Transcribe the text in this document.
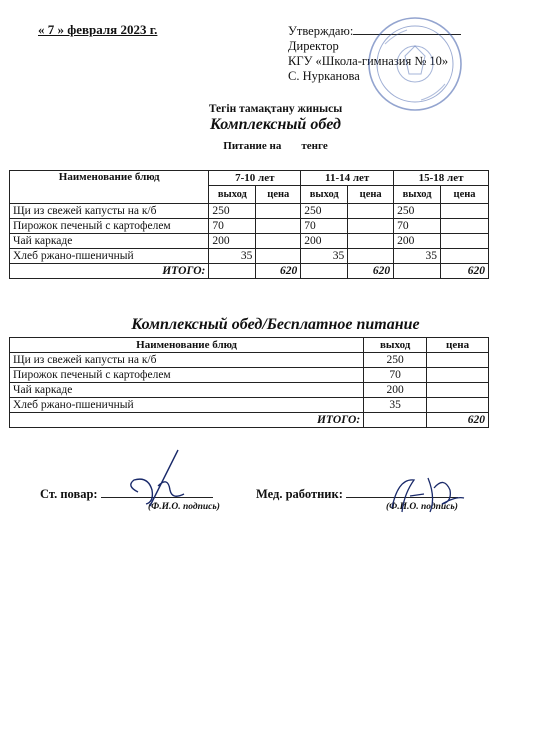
« 7 » февраля 2023 г.	Утверждаю:
Директор
КГУ «Школа-гимназия № 10»
С. Нурканова
Тегін тамақтану жинысы
Комплексный обед
Питание на тенге
Наименование блюд	7-10 лет		11-14 лет		15-18 лет	
	выход	цена	выход	цена	выход	цена
Щи из свежей капусты на к/б	250		250		250	
Пирожок печеный с картофелем	70		70		70	
Чай каркаде	200		200		200	
Хлеб ржано-пшеничный	35		35		35	
ИТОГО:		620		620		620
Комплексный обед/Бесплатное питание
Наименование блюд	выход	цена
Щи из свежей капусты на к/б	250	
Пирожок печеный с картофелем	70	
Чай каркаде	200	
Хлеб ржано-пшеничный	35	
ИТОГО:		620
Ст. повар:
(Ф.И.О. подпись)
Мед. работник:
(Ф.И.О. подпись)
